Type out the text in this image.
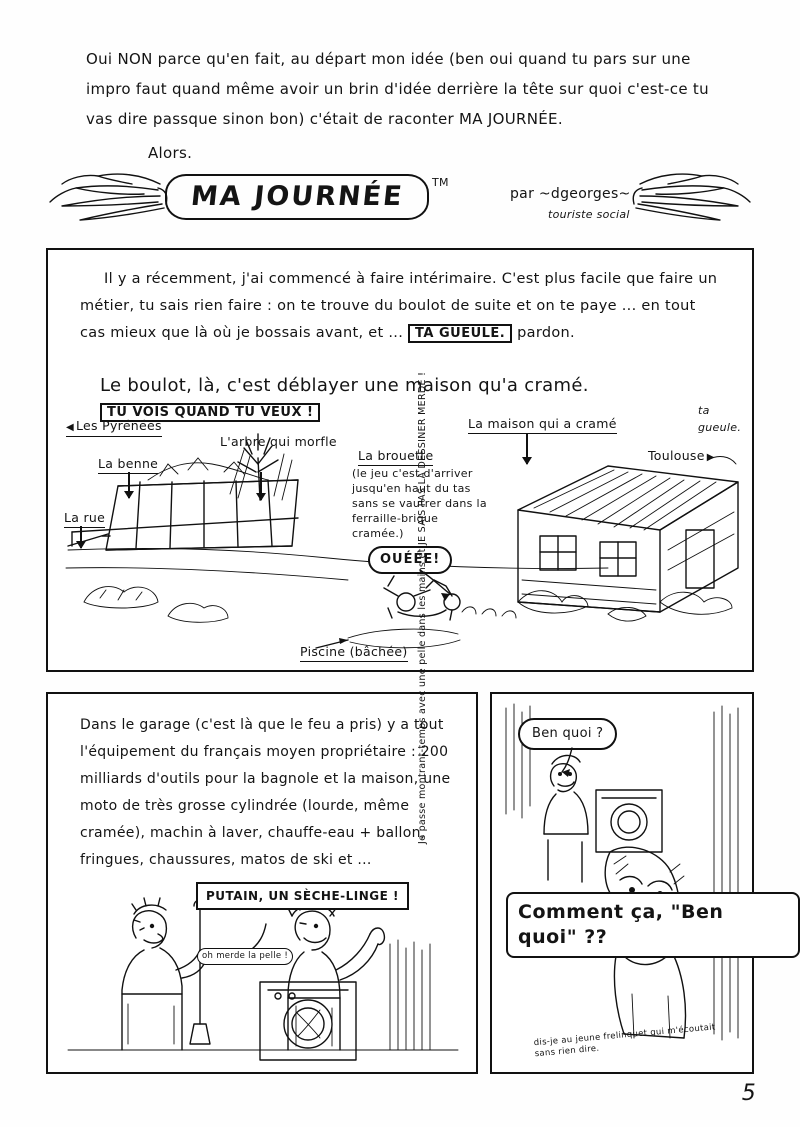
Oui NON parce qu'en fait, au départ mon idée (ben oui quand tu pars sur une impro faut quand même avoir un brin d'idée derrière la tête sur quoi c'est-ce tu vas dire passque sinon bon) c'était de raconter MA JOURNÉE.
Alors.
MA JOURNÉE TM
par ~dgeorges~
touriste social
Il y a récemment, j'ai commencé à faire intérimaire. C'est plus facile que faire un métier, tu sais rien faire : on te trouve du boulot de suite et on te paye ... en tout cas mieux que là où je bossais avant, et ... TA GUEULE. pardon.
Le boulot, là, c'est déblayer une maison qu'a cramé. TU VOIS QUAND TU VEUX !	ta gueule.
◀ Les Pyrénées
La benne
L'arbre qui morfle
La rue
La brouette
(le jeu c'est d'arriver jusqu'en haut du tas sans se vautrer dans la ferraille-brique cramée.)
La maison qui a cramé
Toulouse ▶
Piscine (bâchée)
OUÉÉE!
Dans le garage (c'est là que le feu a pris) y a tout l'équipement du français moyen propriétaire : 200 milliards d'outils pour la bagnole et la maison, une moto de très grosse cylindrée (lourde, même cramée), machin à laver, chauffe-eau + ballon, fringues, chaussures, matos de ski et ...
PUTAIN, UN SÈCHE-LINGE !
oh merde la pelle !
Ben quoi ?
Comment ça, "Ben quoi" ??
dis-je au jeune frelinquet qui m'écoutait sans rien dire.
5
